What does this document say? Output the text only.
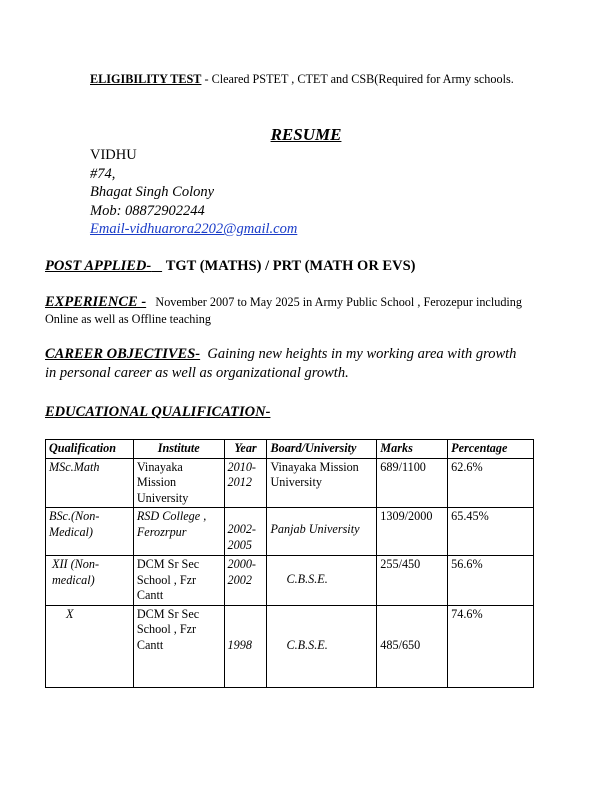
ELIGIBILITY TEST - Cleared PSTET , CTET and CSB(Required for Army schools.
RESUME
VIDHU
#74,
Bhagat Singh Colony
Mob: 08872902244
Email-vidhuarora2202@gmail.com
POST APPLIED- TGT (MATHS) / PRT (MATH OR EVS)
EXPERIENCE - November 2007 to May 2025 in Army Public School , Ferozepur including Online as well as Offline teaching
CAREER OBJECTIVES- Gaining new heights in my working area with growth in personal career as well as organizational growth.
EDUCATIONAL QUALIFICATION-
Qualification	Institute	Year	Board/University	Marks	Percentage
MSc.Math	Vinayaka Mission University	2010-2012	Vinayaka Mission University	689/1100	62.6%
BSc.(Non-Medical)	RSD College , Ferozrpur	2002-2005	Panjab University	1309/2000	65.45%
XII (Non-medical)	DCM Sr Sec School , Fzr Cantt	2000-2002	C.B.S.E.	255/450	56.6%
X	DCM Sr Sec School , Fzr Cantt	1998	C.B.S.E.	485/650	74.6%
